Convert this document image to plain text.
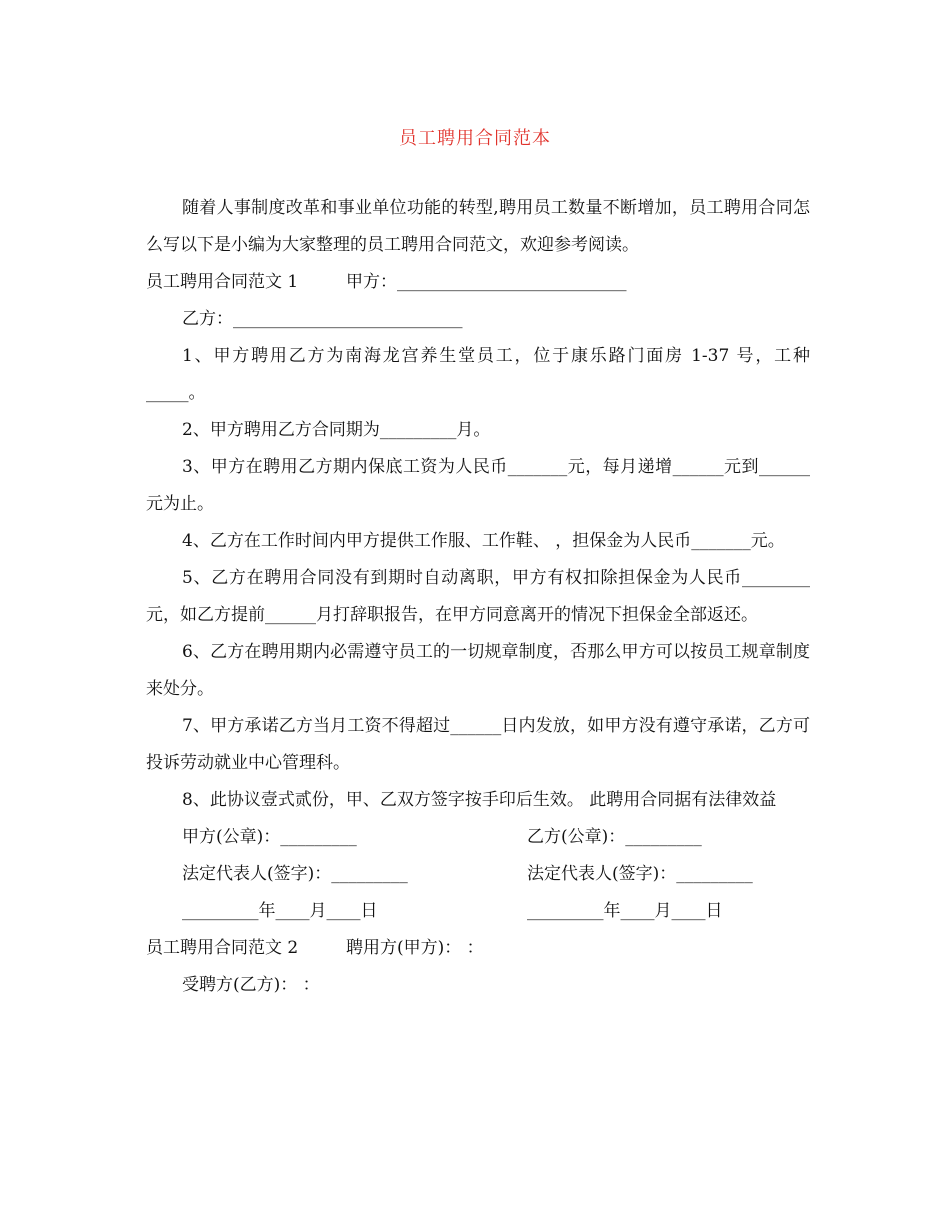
员工聘用合同范本

随着人事制度改革和事业单位功能的转型,聘用员工数量不断增加，员工聘用合同怎么写以下是小编为大家整理的员工聘用合同范文，欢迎参考阅读。

员工聘用合同范文 1	甲方： ___________________________
乙方： ___________________________

1、甲方聘用乙方为南海龙宫养生堂员工，位于康乐路门面房 1-37 号，工种_____。

2、甲方聘用乙方合同期为_________月。

3、甲方在聘用乙方期内保底工资为人民币_______元，每月递增______元到______元为止。

4、乙方在工作时间内甲方提供工作服、工作鞋、 ，担保金为人民币_______元。

5、乙方在聘用合同没有到期时自动离职，甲方有权扣除担保金为人民币________元，如乙方提前______月打辞职报告，在甲方同意离开的情况下担保金全部返还。

6、乙方在聘用期内必需遵守员工的一切规章制度，否那么甲方可以按员工规章制度来处分。

7、甲方承诺乙方当月工资不得超过______日内发放，如甲方没有遵守承诺，乙方可投诉劳动就业中心管理科。

8、此协议壹式贰份，甲、乙双方签字按手印后生效。 此聘用合同据有法律效益

甲方(公章)：_________	乙方(公章)：_________
法定代表人(签字)：_________	法定代表人(签字)：_________
_________年____月____日	_________年____月____日
员工聘用合同范文 2	聘用方(甲方)： ：
受聘方(乙方)： ：
